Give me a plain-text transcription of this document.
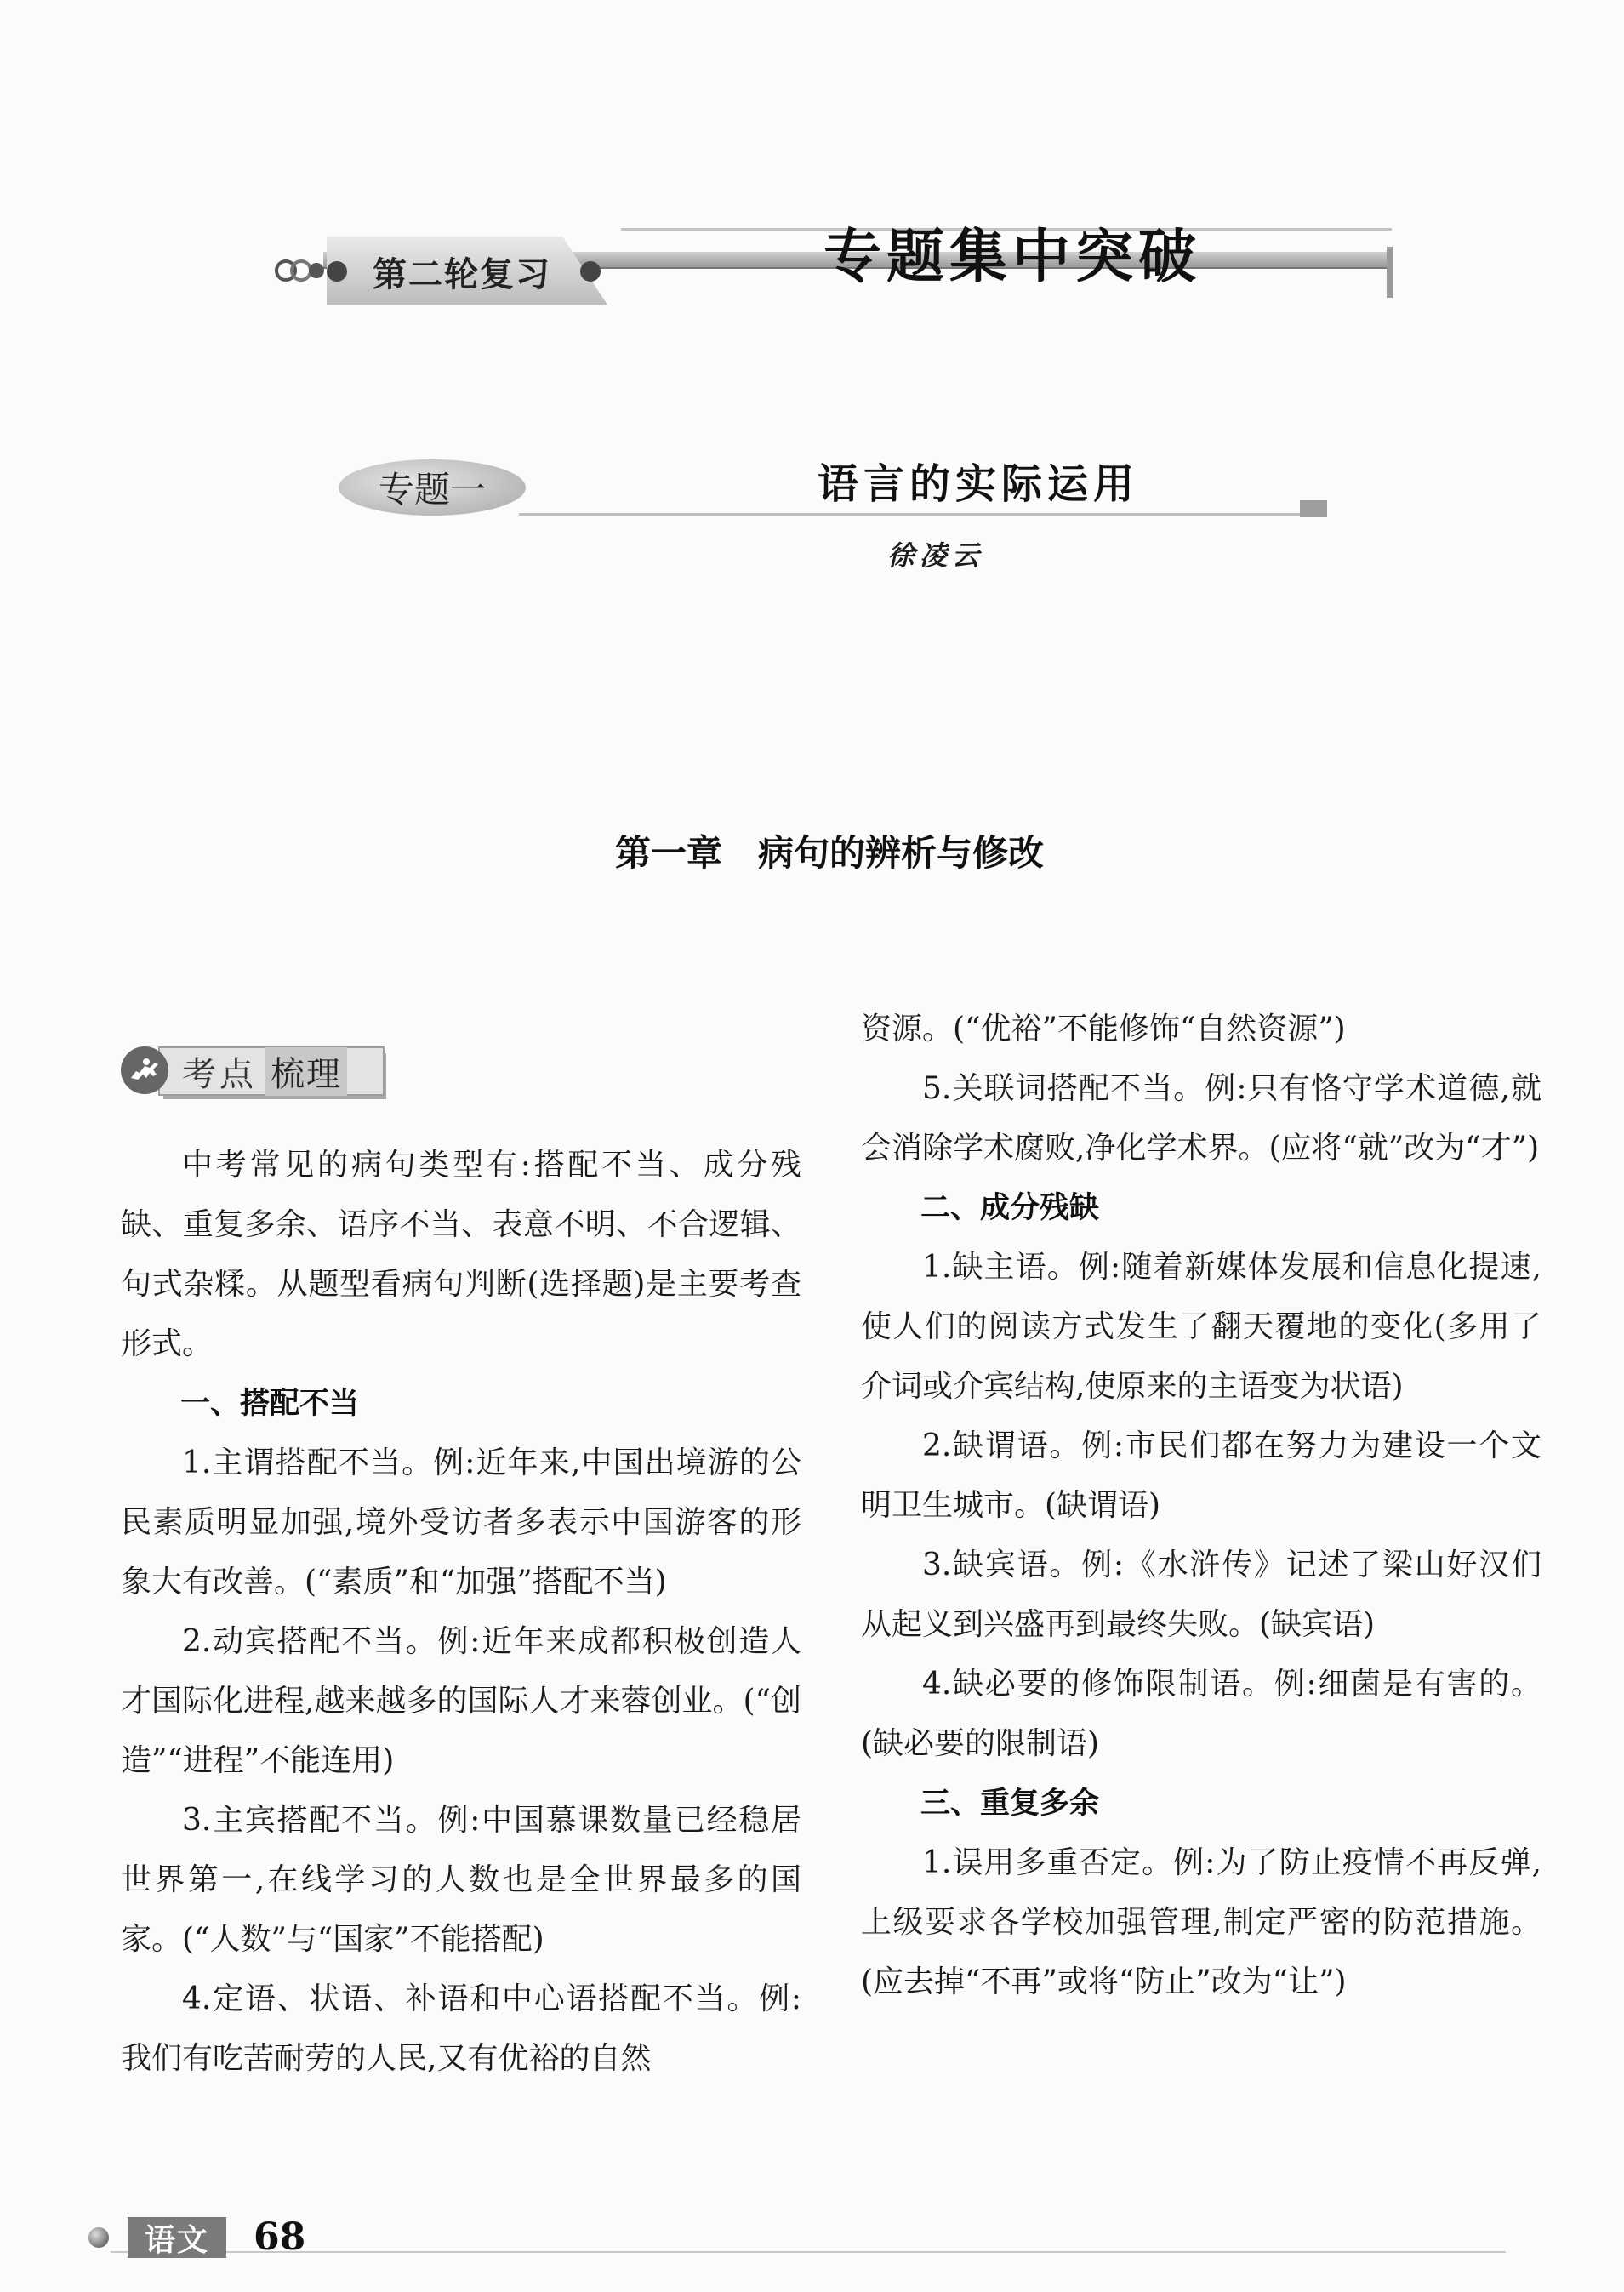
第二轮复习	专题集中突破
专题一	语言的实际运用
徐凌云
第一章　病句的辨析与修改
考点 梳理

中考常见的病句类型有:搭配不当、成分残缺、重复多余、语序不当、表意不明、不合逻辑、句式杂糅。从题型看病句判断(选择题)是主要考查形式。

一、搭配不当

1.主谓搭配不当。例:近年来,中国出境游的公民素质明显加强,境外受访者多表示中国游客的形象大有改善。(“素质”和“加强”搭配不当)

2.动宾搭配不当。例:近年来成都积极创造人才国际化进程,越来越多的国际人才来蓉创业。(“创造”“进程”不能连用)

3.主宾搭配不当。例:中国慕课数量已经稳居世界第一,在线学习的人数也是全世界最多的国家。(“人数”与“国家”不能搭配)

4.定语、状语、补语和中心语搭配不当。例:我们有吃苦耐劳的人民,又有优裕的自然

资源。(“优裕”不能修饰“自然资源”)

5.关联词搭配不当。例:只有恪守学术道德,就会消除学术腐败,净化学术界。(应将“就”改为“才”)

二、成分残缺

1.缺主语。例:随着新媒体发展和信息化提速,使人们的阅读方式发生了翻天覆地的变化(多用了介词或介宾结构,使原来的主语变为状语)

2.缺谓语。例:市民们都在努力为建设一个文明卫生城市。(缺谓语)

3.缺宾语。例:《水浒传》记述了梁山好汉们从起义到兴盛再到最终失败。(缺宾语)

4.缺必要的修饰限制语。例:细菌是有害的。(缺必要的限制语)

三、重复多余

1.误用多重否定。例:为了防止疫情不再反弹,上级要求各学校加强管理,制定严密的防范措施。(应去掉“不再”或将“防止”改为“让”)

语文	68
